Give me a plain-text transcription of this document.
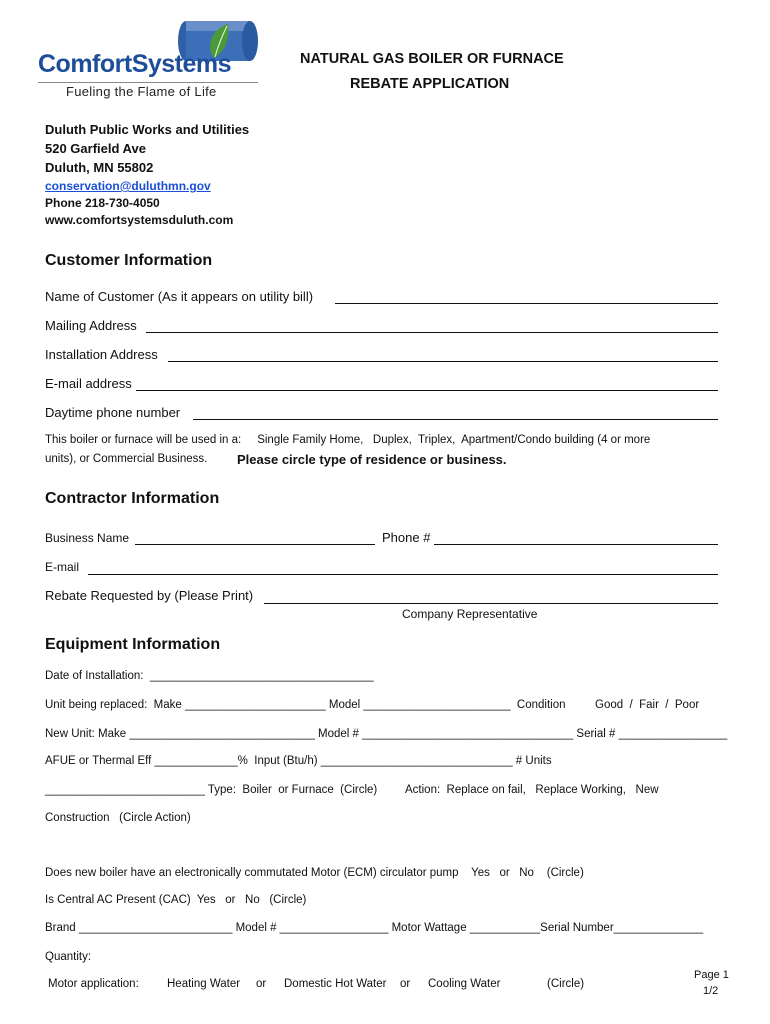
ComfortSystems
Fueling the Flame of Life
NATURAL GAS BOILER OR FURNACE
REBATE APPLICATION
Duluth Public Works and Utilities
520 Garfield Ave
Duluth, MN 55802
conservation@duluthmn.gov
Phone 218-730-4050
www.comfortsystemsduluth.com
Customer Information
Name of Customer (As it appears on utility bill)
Mailing Address
Installation Address
E-mail address
Daytime phone number
This boiler or furnace will be used in a:     Single Family Home,   Duplex,  Triplex,  Apartment/Condo building (4 or more
units), or Commercial Business. Please circle type of residence or business.
Contractor Information
Business Name	Phone #
E-mail
Rebate Requested by (Please Print)
Company Representative
Equipment Information
Date of Installation:  ___________________________________
Unit being replaced:  Make ______________________ Model _______________________  Condition	Good  /  Fair  /  Poor
New Unit: Make _____________________________ Model # _________________________________ Serial # _________________
AFUE or Thermal Eff _____________%  Input (Btu/h) ______________________________ # Units
_________________________ Type:  Boiler  or Furnace  (Circle) Action:  Replace on fail,   Replace Working,   New
Construction   (Circle Action)
Does new boiler have an electronically commutated Motor (ECM) circulator pump    Yes   or   No    (Circle)
Is Central AC Present (CAC)  Yes   or   No   (Circle)
Brand ________________________ Model # _________________ Motor Wattage ___________Serial Number______________
Quantity:
Motor application: Heating Water or Domestic Hot Water or Cooling Water	(Circle)
Page 1
1/2
